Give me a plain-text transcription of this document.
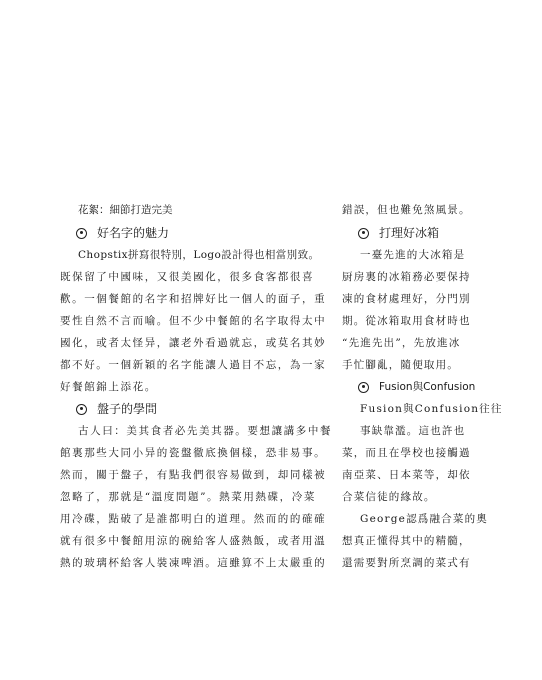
花絮：細節打造完美
好名字的魅力
Chopstix拼寫很特別，Logo設計得也相當別致。
既保留了中國味，又很美國化，很多食客都很喜
歡。一個餐館的名字和招牌好比一個人的面子，重
要性自然不言而喻。但不少中餐館的名字取得太中
國化，或者太怪异，讓老外看過就忘，或莫名其妙
都不好。一個新穎的名字能讓人過目不忘，為一家
好餐館錦上添花。
盤子的學問
古人曰：美其食者必先美其器。要想讓講多中餐
館裏那些大同小异的瓷盤徹底換個樣，恐非易事。
然而，關于盤子，有點我們很容易做到，却同樣被
忽略了，那就是“溫度問題”。熱菜用熱碟，冷菜
用冷碟，點破了是誰都明白的道理。然而的的確確
就有很多中餐館用涼的碗給客人盛熱飯，或者用溫
熱的玻璃杯給客人裝凍啤酒。這雖算不上太嚴重的
錯誤，但也難免煞風景。
打理好冰箱
一臺先進的大冰箱是
厨房裏的冰箱務必要保持
凍的食材處理好，分門別
期。從冰箱取用食材時也
“先進先出”，先放進冰
手忙腳亂，隨便取用。
Fusion與Confusion
Fusion與Confusion往往
事缺靠濫。這也許也
菜，而且在學校也接觸過
南亞菜、日本菜等，却依
合菜信徒的緣故。
George認爲融合菜的奧
想真正懂得其中的精髓，
還需要對所烹調的菜式有
